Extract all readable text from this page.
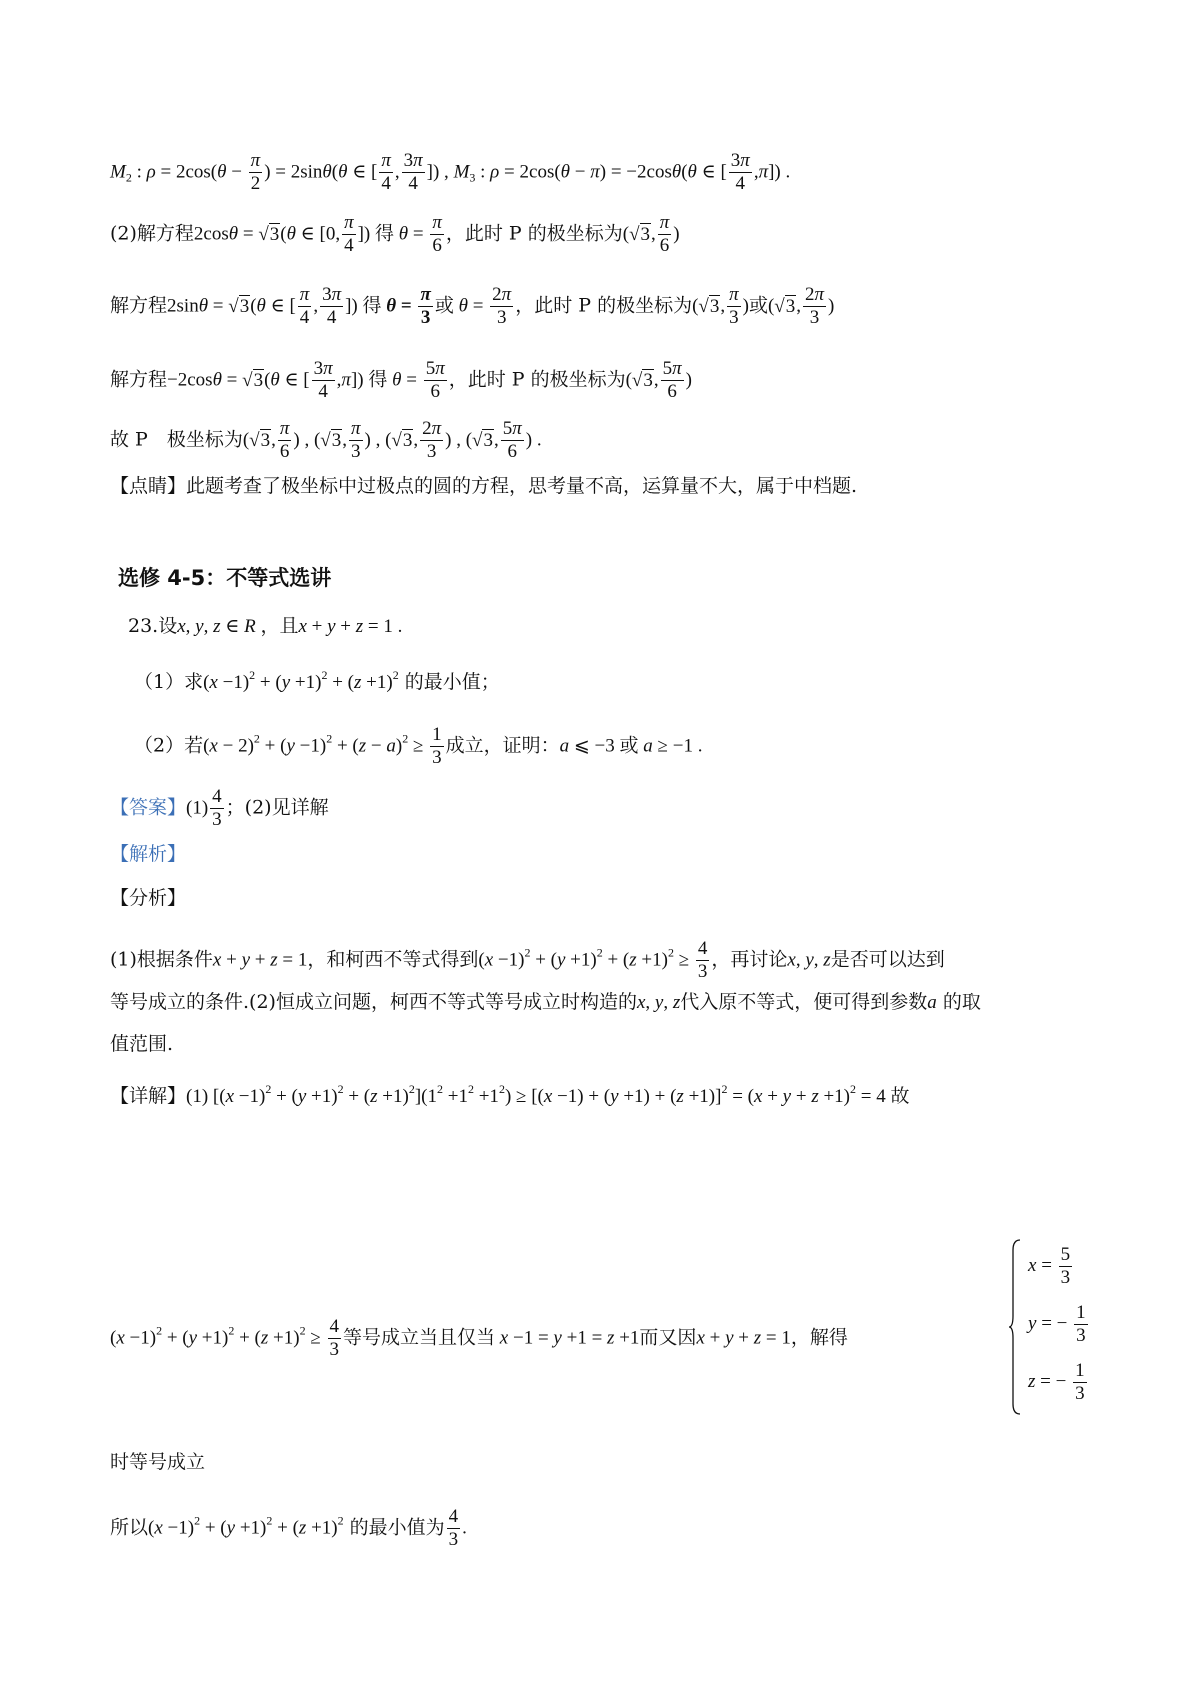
$M_2$ : $\rho = 2\cos(\theta - \frac{\pi}{2}$ ) = 2sinθ(θ ∈ [ $\frac{\pi}{4}$ , $\frac{3\pi}{4}$ ]) , $M_3$ : ρ = 2cos(θ − π) = −2cosθ(θ ∈ [ $\frac{3\pi}{4} ,\pi$]) .
(2)解方程2cosθ = √3(θ ∈ [0, $\frac{\pi}{4}$ ]) 得 $\theta = \frac{\pi}{6}$ ，此时 P 的极坐标为(√3, $\frac{\pi}{6}$ )
解方程2sinθ = √3(θ ∈ [ $\frac{\pi}{4}$ , $\frac{3\pi}{4}$ ]) 得 $\theta = \frac{\pi}{3}$ 或 $\theta = \frac{2\pi}{3}$ ，此时 P 的极坐标为(√3, $\frac{\pi}{3}$ )或(√3, $\frac{2\pi}{3}$ )
解方程−2cosθ = √3(θ ∈ [ $\frac{3\pi}{4} ,\pi$]) 得 $\theta = \frac{5\pi}{6}$ ，此时 P 的极坐标为(√3, $\frac{5\pi}{6}$ )
故 P　极坐标为(√3, $\frac{\pi}{6}$ ) , (√3, $\frac{\pi}{3}$ ) , (√3, $\frac{2\pi}{3}$ ) , (√3, $\frac{5\pi}{6}$ ) .
【点睛】此题考查了极坐标中过极点的圆的方程，思考量不高，运算量不大，属于中档题.
选修 4-5：不等式选讲
23.设x, y, z ∈ R ，且x + y + z = 1 .
（1）求$(x -1)^2 + (y +1)^2 + (z +1)^2$ 的最小值；
（2）若$(x - 2)^2 + (y -1)^2 + (z - a)^2 \ge \frac{1}{3}$ 成立，证明：a ⩽ −3 或 a ≥ −1 .
【答案】$(1) \frac{4}{3}$ ；(2)见详解
【解析】
【分析】
(1)根据条件x + y + z = 1，和柯西不等式得到$(x -1)^2 + (y +1)^2 + (z +1)^2 \ge \frac{4}{3}$ ，再讨论x, y, z是否可以达到
等号成立的条件.(2)恒成立问题，柯西不等式等号成立时构造的x, y, z代入原不等式，便可得到参数a 的取
值范围.
【详解】(1) $[(x -1)^2 + (y +1)^2 + (z +1)^2](1^2 +1^2 +1^2) \ge [(x -1) + (y +1) + (z +1)]^2 = (x + y + z +1)^2 = 4$ 故
$(x -1)^2 + (y +1)^2 + (z +1)^2 \ge \frac{4}{3}$ 等号成立当且仅当 x −1 = y +1 = z +1而又因x + y + z = 1，解得
$x = \frac{5}{3}$
y = − $\frac{1}{3}$
z = − $\frac{1}{3}$
时等号成立
所以$(x -1)^2 + (y +1)^2 + (z +1)^2$ 的最小值为 $\frac{4}{3}$ .
